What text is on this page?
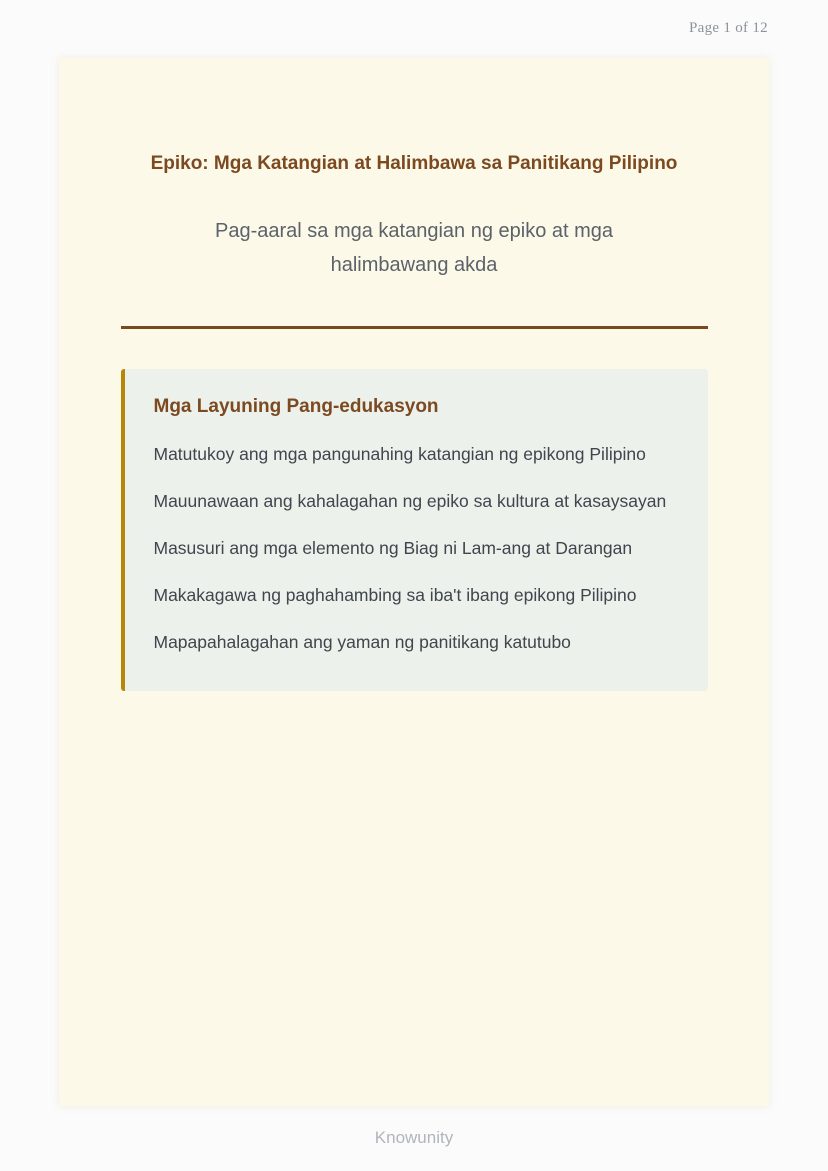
Page 1 of 12
Epiko: Mga Katangian at Halimbawa sa Panitikang Pilipino

Pag-aaral sa mga katangian ng epiko at mga halimbawang akda

Mga Layuning Pang-edukasyon

Matutukoy ang mga pangunahing katangian ng epikong Pilipino

Mauunawaan ang kahalagahan ng epiko sa kultura at kasaysayan

Masusuri ang mga elemento ng Biag ni Lam-ang at Darangan

Makakagawa ng paghahambing sa iba't ibang epikong Pilipino

Mapapahalagahan ang yaman ng panitikang katutubo

Knowunity
